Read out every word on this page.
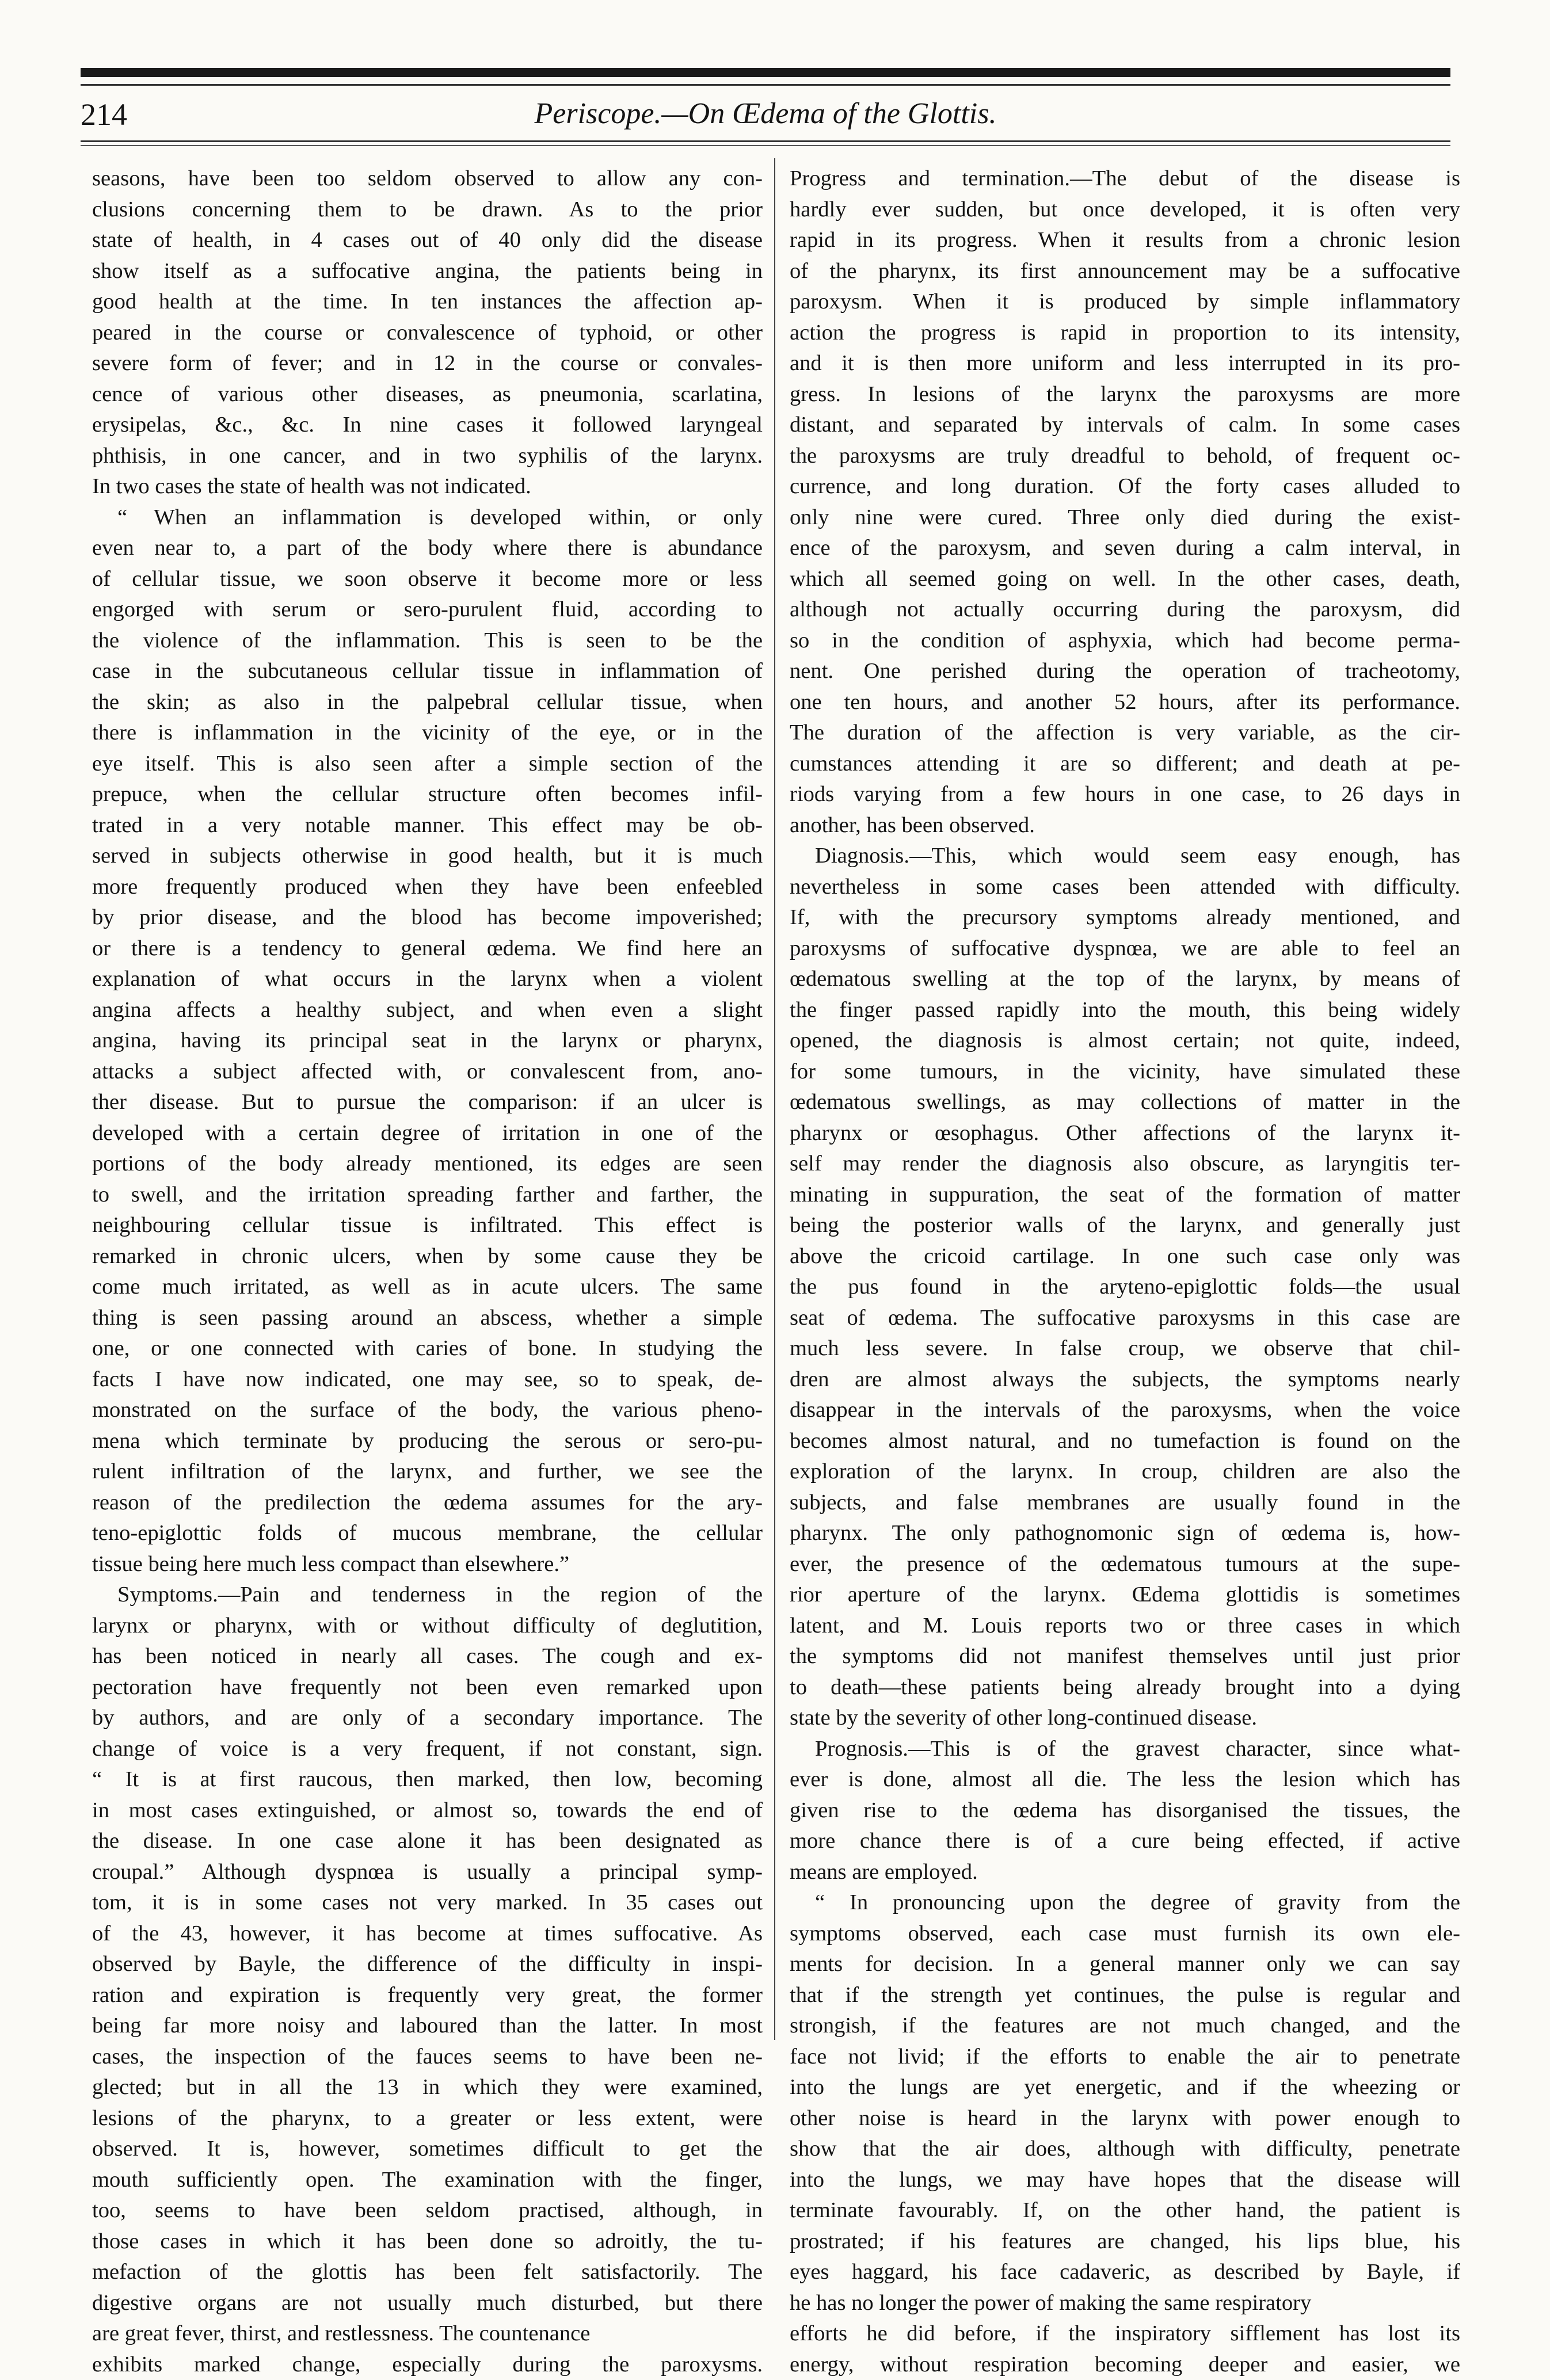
214	Periscope.—On Œdema of the Glottis.
seasons, have been too seldom observed to allow any con-
clusions concerning them to be drawn. As to the prior
state of health, in 4 cases out of 40 only did the disease
show itself as a suffocative angina, the patients being in
good health at the time. In ten instances the affection ap-
peared in the course or convalescence of typhoid, or other
severe form of fever; and in 12 in the course or convales-
cence of various other diseases, as pneumonia, scarlatina,
erysipelas, &c., &c. In nine cases it followed laryngeal
phthisis, in one cancer, and in two syphilis of the larynx.
In two cases the state of health was not indicated.
“ When an inflammation is developed within, or only
even near to, a part of the body where there is abundance
of cellular tissue, we soon observe it become more or less
engorged with serum or sero-purulent fluid, according to
the violence of the inflammation. This is seen to be the
case in the subcutaneous cellular tissue in inflammation of
the skin; as also in the palpebral cellular tissue, when
there is inflammation in the vicinity of the eye, or in the
eye itself. This is also seen after a simple section of the
prepuce, when the cellular structure often becomes infil-
trated in a very notable manner. This effect may be ob-
served in subjects otherwise in good health, but it is much
more frequently produced when they have been enfeebled
by prior disease, and the blood has become impoverished;
or there is a tendency to general œdema. We find here an
explanation of what occurs in the larynx when a violent
angina affects a healthy subject, and when even a slight
angina, having its principal seat in the larynx or pharynx,
attacks a subject affected with, or convalescent from, ano-
ther disease. But to pursue the comparison: if an ulcer is
developed with a certain degree of irritation in one of the
portions of the body already mentioned, its edges are seen
to swell, and the irritation spreading farther and farther, the
neighbouring cellular tissue is infiltrated. This effect is
remarked in chronic ulcers, when by some cause they be
come much irritated, as well as in acute ulcers. The same
thing is seen passing around an abscess, whether a simple
one, or one connected with caries of bone. In studying the
facts I have now indicated, one may see, so to speak, de-
monstrated on the surface of the body, the various pheno-
mena which terminate by producing the serous or sero-pu-
rulent infiltration of the larynx, and further, we see the
reason of the predilection the œdema assumes for the ary-
teno-epiglottic folds of mucous membrane, the cellular
tissue being here much less compact than elsewhere.”
Symptoms.—Pain and tenderness in the region of the
larynx or pharynx, with or without difficulty of deglutition,
has been noticed in nearly all cases. The cough and ex-
pectoration have frequently not been even remarked upon
by authors, and are only of a secondary importance. The
change of voice is a very frequent, if not constant, sign.
“ It is at first raucous, then marked, then low, becoming
in most cases extinguished, or almost so, towards the end of
the disease. In one case alone it has been designated as
croupal.” Although dyspnœa is usually a principal symp-
tom, it is in some cases not very marked. In 35 cases out
of the 43, however, it has become at times suffocative. As
observed by Bayle, the difference of the difficulty in inspi-
ration and expiration is frequently very great, the former
being far more noisy and laboured than the latter. In most
cases, the inspection of the fauces seems to have been ne-
glected; but in all the 13 in which they were examined,
lesions of the pharynx, to a greater or less extent, were
observed. It is, however, sometimes difficult to get the
mouth sufficiently open. The examination with the finger,
too, seems to have been seldom practised, although, in
those cases in which it has been done so adroitly, the tu-
mefaction of the glottis has been felt satisfactorily. The
digestive organs are not usually much disturbed, but there
are great fever, thirst, and restlessness. The countenance
exhibits marked change, especially during the paroxysms.
Progress and termination.—The debut of the disease is
hardly ever sudden, but once developed, it is often very
rapid in its progress. When it results from a chronic lesion
of the pharynx, its first announcement may be a suffocative
paroxysm. When it is produced by simple inflammatory
action the progress is rapid in proportion to its intensity,
and it is then more uniform and less interrupted in its pro-
gress. In lesions of the larynx the paroxysms are more
distant, and separated by intervals of calm. In some cases
the paroxysms are truly dreadful to behold, of frequent oc-
currence, and long duration. Of the forty cases alluded to
only nine were cured. Three only died during the exist-
ence of the paroxysm, and seven during a calm interval, in
which all seemed going on well. In the other cases, death,
although not actually occurring during the paroxysm, did
so in the condition of asphyxia, which had become perma-
nent. One perished during the operation of tracheotomy,
one ten hours, and another 52 hours, after its performance.
The duration of the affection is very variable, as the cir-
cumstances attending it are so different; and death at pe-
riods varying from a few hours in one case, to 26 days in
another, has been observed.
Diagnosis.—This, which would seem easy enough, has
nevertheless in some cases been attended with difficulty.
If, with the precursory symptoms already mentioned, and
paroxysms of suffocative dyspnœa, we are able to feel an
œdematous swelling at the top of the larynx, by means of
the finger passed rapidly into the mouth, this being widely
opened, the diagnosis is almost certain; not quite, indeed,
for some tumours, in the vicinity, have simulated these
œdematous swellings, as may collections of matter in the
pharynx or œsophagus. Other affections of the larynx it-
self may render the diagnosis also obscure, as laryngitis ter-
minating in suppuration, the seat of the formation of matter
being the posterior walls of the larynx, and generally just
above the cricoid cartilage. In one such case only was
the pus found in the aryteno-epiglottic folds—the usual
seat of œdema. The suffocative paroxysms in this case are
much less severe. In false croup, we observe that chil-
dren are almost always the subjects, the symptoms nearly
disappear in the intervals of the paroxysms, when the voice
becomes almost natural, and no tumefaction is found on the
exploration of the larynx. In croup, children are also the
subjects, and false membranes are usually found in the
pharynx. The only pathognomonic sign of œdema is, how-
ever, the presence of the œdematous tumours at the supe-
rior aperture of the larynx. Œdema glottidis is sometimes
latent, and M. Louis reports two or three cases in which
the symptoms did not manifest themselves until just prior
to death—these patients being already brought into a dying
state by the severity of other long-continued disease.
Prognosis.—This is of the gravest character, since what-
ever is done, almost all die. The less the lesion which has
given rise to the œdema has disorganised the tissues, the
more chance there is of a cure being effected, if active
means are employed.
“ In pronouncing upon the degree of gravity from the
symptoms observed, each case must furnish its own ele-
ments for decision. In a general manner only we can say
that if the strength yet continues, the pulse is regular and
strongish, if the features are not much changed, and the
face not livid; if the efforts to enable the air to penetrate
into the lungs are yet energetic, and if the wheezing or
other noise is heard in the larynx with power enough to
show that the air does, although with difficulty, penetrate
into the lungs, we may have hopes that the disease will
terminate favourably. If, on the other hand, the patient is
prostrated; if his features are changed, his lips blue, his
eyes haggard, his face cadaveric, as described by Bayle, if
he has no longer the power of making the same respiratory
efforts he did before, if the inspiratory sifflement has lost its
energy, without respiration becoming deeper and easier, we
